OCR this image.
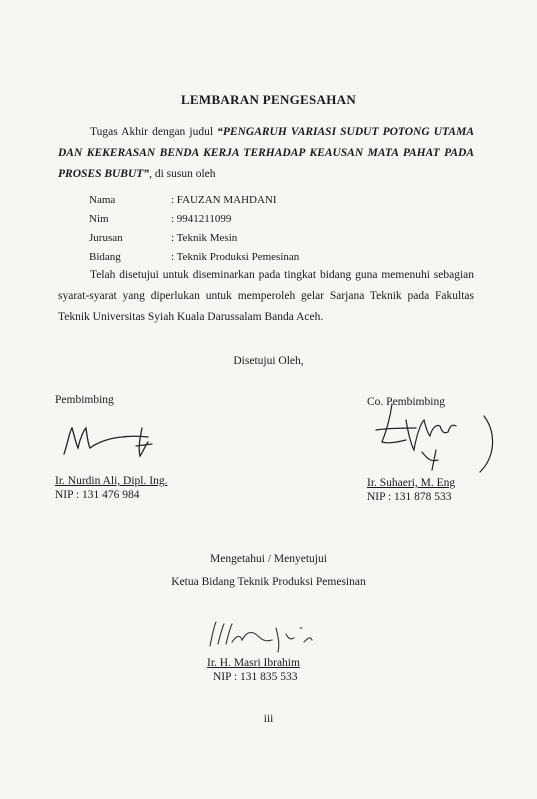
LEMBARAN PENGESAHAN
Tugas Akhir dengan judul “PENGARUH VARIASI SUDUT POTONG UTAMA DAN KEKERASAN BENDA KERJA TERHADAP KEAUSAN MATA PAHAT PADA PROSES BUBUT”, di susun oleh
Nama	: FAUZAN MAHDANI
Nim	: 9941211099
Jurusan	: Teknik Mesin
Bidang	: Teknik Produksi Pemesinan
Telah disetujui untuk diseminarkan pada tingkat bidang guna memenuhi sebagian syarat-syarat yang diperlukan untuk memperoleh gelar Sarjana Teknik pada Fakultas Teknik Universitas Syiah Kuala Darussalam Banda Aceh.
Disetujui Oleh,
Pembimbing
Ir. Nurdin Ali, Dipl. Ing.
NIP : 131 476 984
Co. Pembimbing
Ir. Suhaeri, M. Eng
NIP : 131 878 533
Mengetahui / Menyetujui
Ketua Bidang Teknik Produksi Pemesinan
Ir. H. Masri Ibrahim
NIP : 131 835 533
iii
